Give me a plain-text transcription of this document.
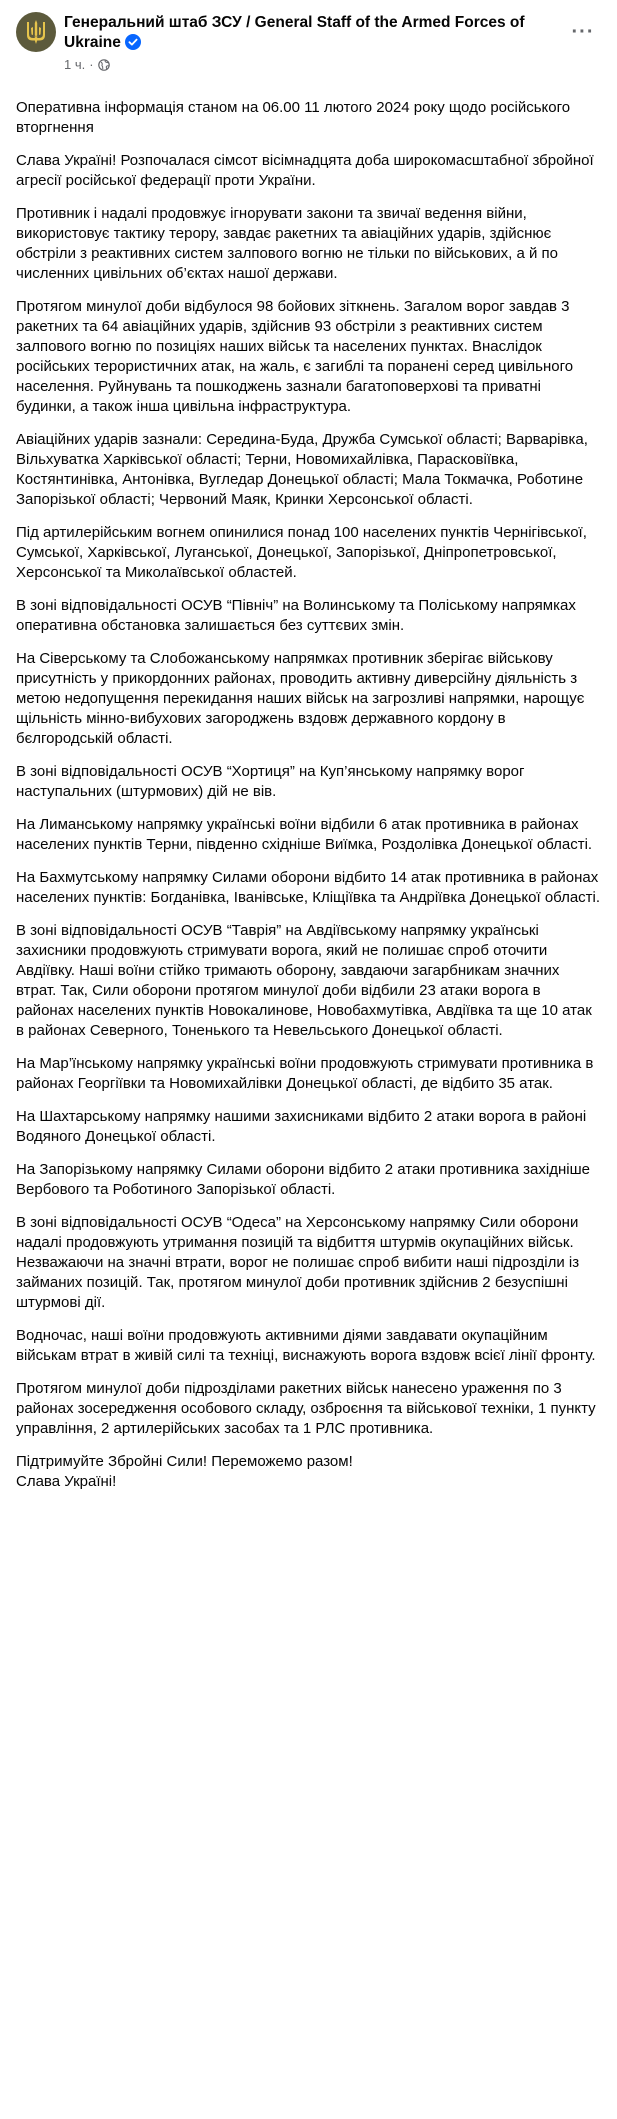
Генеральний штаб ЗСУ / General Staff of the Armed Forces of Ukraine
1 ч. ·
···

Оперативна інформація станом на 06.00 11 лютого 2024 року щодо російського вторгнення

Слава Україні! Розпочалася сімсот вісімнадцята доба широкомасштабної збройної агресії російської федерації проти України.

Противник і надалі продовжує ігнорувати закони та звичаї ведення війни, використовує тактику терору, завдає ракетних та авіаційних ударів, здійснює обстріли з реактивних систем залпового вогню не тільки по військових, а й по численних цивільних об’єктах нашої держави.

Протягом минулої доби відбулося 98 бойових зіткнень. Загалом ворог завдав 3 ракетних та 64 авіаційних ударів, здійснив 93 обстріли з реактивних систем залпового вогню по позиціях наших військ та населених пунктах. Внаслідок російських терористичних атак, на жаль, є загиблі та поранені серед цивільного населення. Руйнувань та пошкоджень зазнали багатоповерхові та приватні будинки, а також інша цивільна інфраструктура.

Авіаційних ударів зазнали: Середина-Буда, Дружба Сумської області; Варварівка, Вільхуватка Харківської області; Терни, Новомихайлівка, Парасковіївка, Костянтинівка, Антонівка, Вугледар Донецької області; Мала Токмачка, Роботине Запорізької області; Червоний Маяк, Кринки Херсонської області.

Під артилерійським вогнем опинилися понад 100 населених пунктів Чернігівської, Сумської, Харківської, Луганської, Донецької, Запорізької, Дніпропетровської, Херсонської та Миколаївської областей.

В зоні відповідальності ОСУВ “Північ” на Волинському та Поліському напрямках оперативна обстановка залишається без суттєвих змін.

На Сіверському та Слобожанському напрямках противник зберігає військову присутність у прикордонних районах, проводить активну диверсійну діяльність з метою недопущення перекидання наших військ на загрозливі напрямки, нарощує щільність мінно-вибухових загороджень вздовж державного кордону в бєлгородській області.

В зоні відповідальності ОСУВ “Хортиця” на Куп’янському напрямку ворог наступальних (штурмових) дій не вів.

На Лиманському напрямку українські воїни відбили 6 атак противника в районах населених пунктів Терни, південно східніше Виїмка, Роздолівка Донецької області.

На Бахмутському напрямку Силами оборони відбито 14 атак противника в районах населених пунктів: Богданівка, Іванівське, Кліщіївка та Андріївка Донецької області.

В зоні відповідальності ОСУВ “Таврія” на Авдіївському напрямку українські захисники продовжують стримувати ворога, який не полишає спроб оточити Авдіївку. Наші воїни стійко тримають оборону, завдаючи загарбникам значних втрат. Так, Сили оборони протягом минулої доби відбили 23 атаки ворога в районах населених пунктів Новокалинове, Новобахмутівка, Авдіївка та ще 10 атак в районах Северного, Тоненького та Невельського Донецької області.

На Мар’їнському напрямку українські воїни продовжують стримувати противника в районах Георгіївки та Новомихайлівки Донецької області, де відбито 35 атак.

На Шахтарському напрямку нашими захисниками відбито 2 атаки ворога в районі Водяного Донецької області.

На Запорізькому напрямку Силами оборони відбито 2 атаки противника західніше Вербового та Роботиного Запорізької області.

В зоні відповідальності ОСУВ “Одеса” на Херсонському напрямку Сили оборони надалі продовжують утримання позицій та відбиття штурмів окупаційних військ. Незважаючи на значні втрати, ворог не полишає спроб вибити наші підрозділи із займаних позицій. Так, протягом минулої доби противник здійснив 2 безуспішні штурмові дії.

Водночас, наші воїни продовжують активними діями завдавати окупаційним військам втрат в живій силі та техніці, виснажують ворога вздовж всієї лінії фронту.

Протягом минулої доби підрозділами ракетних військ нанесено ураження по 3 районах зосередження особового складу, озброєння та військової техніки, 1 пункту управління, 2 артилерійських засобах та 1 РЛС противника.

Підтримуйте Збройні Сили! Переможемо разом!
Слава Україні!
